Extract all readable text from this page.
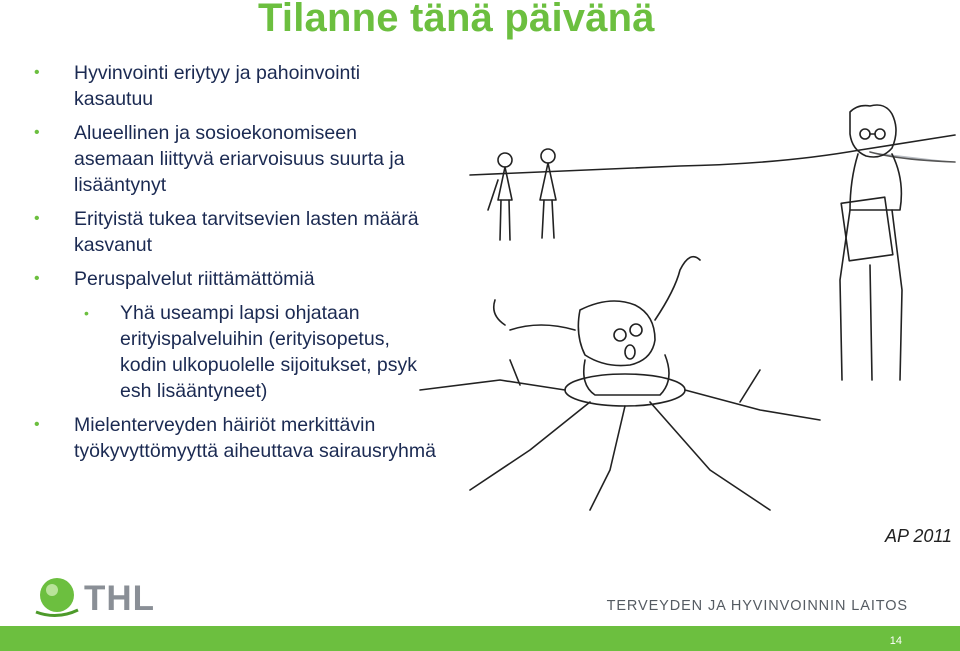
Tilanne tänä päivänä
• Hyvinvointi eriytyy ja pahoinvointi kasautuu
• Alueellinen ja sosioekonomiseen asemaan liittyvä eriarvoisuus suurta ja lisääntynyt
• Erityistä tukea tarvitsevien lasten määrä kasvanut
• Peruspalvelut riittämättömiä
• Yhä useampi lapsi ohjataan erityispalveluihin (erityisopetus, kodin ulkopuolelle sijoitukset, psyk esh lisääntyneet)
• Mielenterveyden häiriöt merkittävin työkyvyttömyyttä aiheuttava sairausryhmä
AP 2011
THL	TERVEYDEN JA HYVINVOINNIN LAITOS
14
